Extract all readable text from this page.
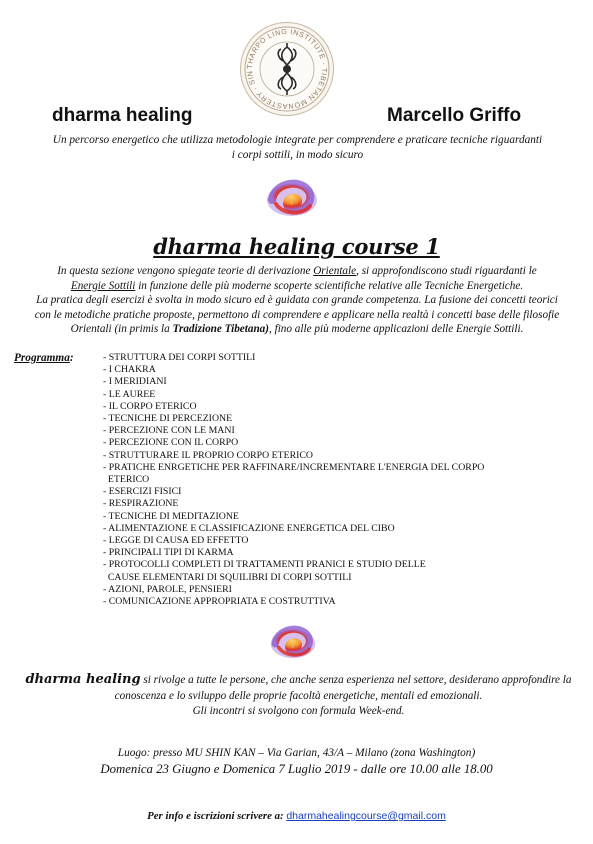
THARPO LING INSTITUTE · TIBETAN MONASTERY · SIN
dharma healing	Marcello Griffo
Un percorso energetico che utilizza metodologie integrate per comprendere e praticare tecniche riguardanti
i corpi sottili, in modo sicuro
dharma healing course 1
In questa sezione vengono spiegate teorie di derivazione Orientale, si approfondiscono studi riguardanti le
Energie Sottili in funzione delle più moderne scoperte scientifiche relative alle Tecniche Energetiche.
La pratica degli esercizi è svolta in modo sicuro ed è guidata con grande competenza. La fusione dei concetti teorici
con le metodiche pratiche proposte, permettono di comprendere e applicare nella realtà i concetti base delle filosofie
Orientali (in primis la Tradizione Tibetana), fino alle più moderne applicazioni delle Energie Sottili.
Programma:	- STRUTTURA DEI CORPI SOTTILI
- I CHAKRA
- I MERIDIANI
- LE AUREE
- IL CORPO ETERICO
- TECNICHE DI PERCEZIONE
- PERCEZIONE CON LE MANI
- PERCEZIONE CON IL CORPO
- STRUTTURARE IL PROPRIO CORPO ETERICO
- PRATICHE ENRGETICHE PER RAFFINARE/INCREMENTARE L'ENERGIA DEL CORPO
ETERICO
- ESERCIZI FISICI
- RESPIRAZIONE
- TECNICHE DI MEDITAZIONE
- ALIMENTAZIONE E CLASSIFICAZIONE ENERGETICA DEL CIBO
- LEGGE DI CAUSA ED EFFETTO
- PRINCIPALI TIPI DI KARMA
- PROTOCOLLI COMPLETI DI TRATTAMENTI PRANICI E STUDIO DELLE
CAUSE ELEMENTARI DI SQUILIBRI DI CORPI SOTTILI
- AZIONI, PAROLE, PENSIERI
- COMUNICAZIONE APPROPRIATA E COSTRUTTIVA
dharma healing si rivolge a tutte le persone, che anche senza esperienza nel settore, desiderano approfondire la
conoscenza e lo sviluppo delle proprie facoltà energetiche, mentali ed emozionali.
Gli incontri si svolgono con formula Week-end.
Luogo: presso MU SHIN KAN – Via Garian, 43/A – Milano (zona Washington)
Domenica 23 Giugno e Domenica 7 Luglio 2019 - dalle ore 10.00 alle 18.00
Per info e iscrizioni scrivere a: dharmahealingcourse@gmail.com
